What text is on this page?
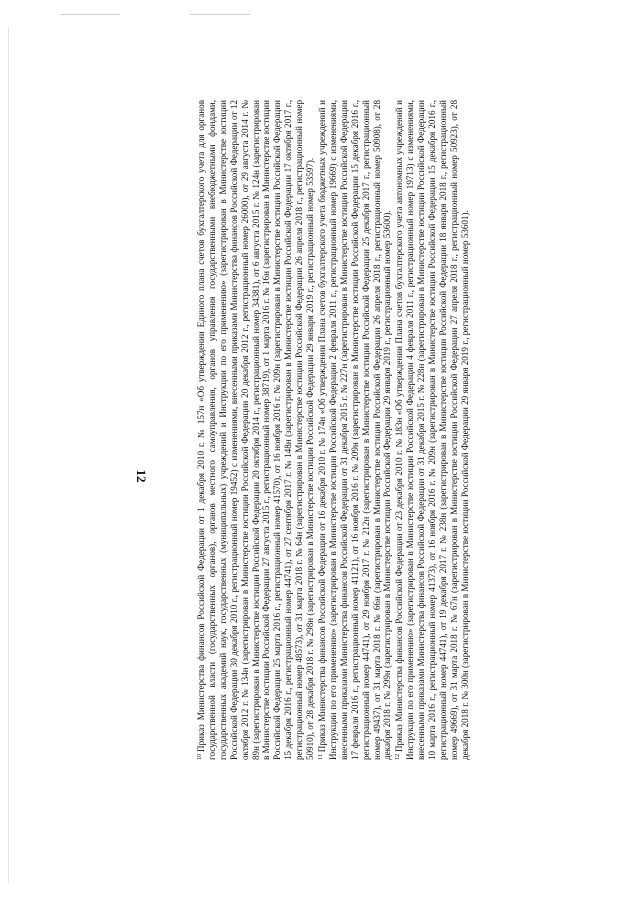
$^{10}$Приказ Министерства финансов Российской Федерации от 1 декабря 2010 г. № 157н «Об утверждении Единого плана счетов бухгалтерского учета для органов государственной власти (государственных органов), органов местного самоуправления, органов управления государственными внебюджетными фондами, государственных академий наук, государственных (муниципальных) учреждений и Инструкции по его применению» (зарегистрирован в Министерстве юстиции Российской Федерации 30 декабря 2010 г., регистрационный номер 19452) с изменениями, внесенными приказами Министерства финансов Российской Федерации от 12 октября 2012 г. № 134н (зарегистрирован в Министерстве юстиции Российской Федерации 20 декабря 2012 г., регистрационный номер 26000), от 29 августа 2014 г. № 89н (зарегистрирован в Министерстве юстиции Российской Федерации 20 октября 2014 г., регистрационный номер 34381), от 6 августа 2015 г. № 124н (зарегистрирован в Министерстве юстиции Российской Федерации 27 августа 2015 г., регистрационный номер 38719), от 1 марта 2016 г. № 16н (зарегистрирован в Министерстве юстиции Российской Федерации 25 марта 2016 г., регистрационный номер 41570), от 16 ноября 2016 г. № 209н (зарегистрирован в Министерстве юстиции Российской Федерации 15 декабря 2016 г., регистрационный номер 44741), от 27 сентября 2017 г. № 148н (зарегистрирован в Министерстве юстиции Российской Федерации 17 октября 2017 г., регистрационный номер 48573), от 31 марта 2018 г. № 64н (зарегистрирован в Министерстве юстиции Российской Федерации 26 апреля 2018 г., регистрационный номер 50910), от 28 декабря 2018 г. № 298н (зарегистрирован в Министерстве юстиции Российской Федерации 29 января 2019 г., регистрационный номер 53597). $^{11}$Приказ Министерства финансов Российской Федерации от 16 декабря 2010 г. № 174н «Об утверждении Плана счетов бухгалтерского учета бюджетных учреждений и Инструкции по его применению» (зарегистрирован в Министерстве юстиции Российской Федерации 2 февраля 2011 г., регистрационный номер 19669) с изменениями, внесенными приказами Министерства финансов Российской Федерации от 31 декабря 2015 г. № 227н (зарегистрирован в Министерстве юстиции Российской Федерации 17 февраля 2016 г., регистрационный номер 41121), от 16 ноября 2016 г. № 209н (зарегистрирован в Министерстве юстиции Российской Федерации 15 декабря 2016 г., регистрационный номер 44741), от 29 ноября 2017 г. № 212н (зарегистрирован в Министерстве юстиции Российской Федерации 25 декабря 2017 г., регистрационный номер 49437), от 31 марта 2018 г. № 66н (зарегистрирован в Министерстве юстиции Российской Федерации 26 апреля 2018 г., регистрационный номер 50908), от 28 декабря 2018 г. № 299н (зарегистрирован в Министерстве юстиции Российской Федерации 29 января 2019 г., регистрационный номер 53600). $^{12}$Приказ Министерства финансов Российской Федерации от 23 декабря 2010 г. № 183н «Об утверждении Плана счетов бухгалтерского учета автономных учреждений и Инструкции по его применению» (зарегистрирован в Министерстве юстиции Российской Федерации 4 февраля 2011 г., регистрационный номер 19713) с изменениями, внесенными приказами Министерства финансов Российской Федерации от 31 декабря 2015 г. № 228н (зарегистрирован в Министерстве юстиции Российской Федерации 10 марта 2016 г., регистрационный номер 41373), от 16 ноября 2016 г. № 209н (зарегистрирован в Министерстве юстиции Российской Федерации 15 декабря 2016 г., регистрационный номер 44741), от 19 декабря 2017 г. № 238н (зарегистрирован в Министерстве юстиции Российской Федерации 18 января 2018 г., регистрационный номер 49669), от 31 марта 2018 г. № 67н (зарегистрирован в Министерстве юстиции Российской Федерации 27 апреля 2018 г., регистрационный номер 50923), от 28 декабря 2018 г. № 300н (зарегистрирован в Министерстве юстиции Российской Федерации 29 января 2019 г., регистрационный номер 53601).

12
